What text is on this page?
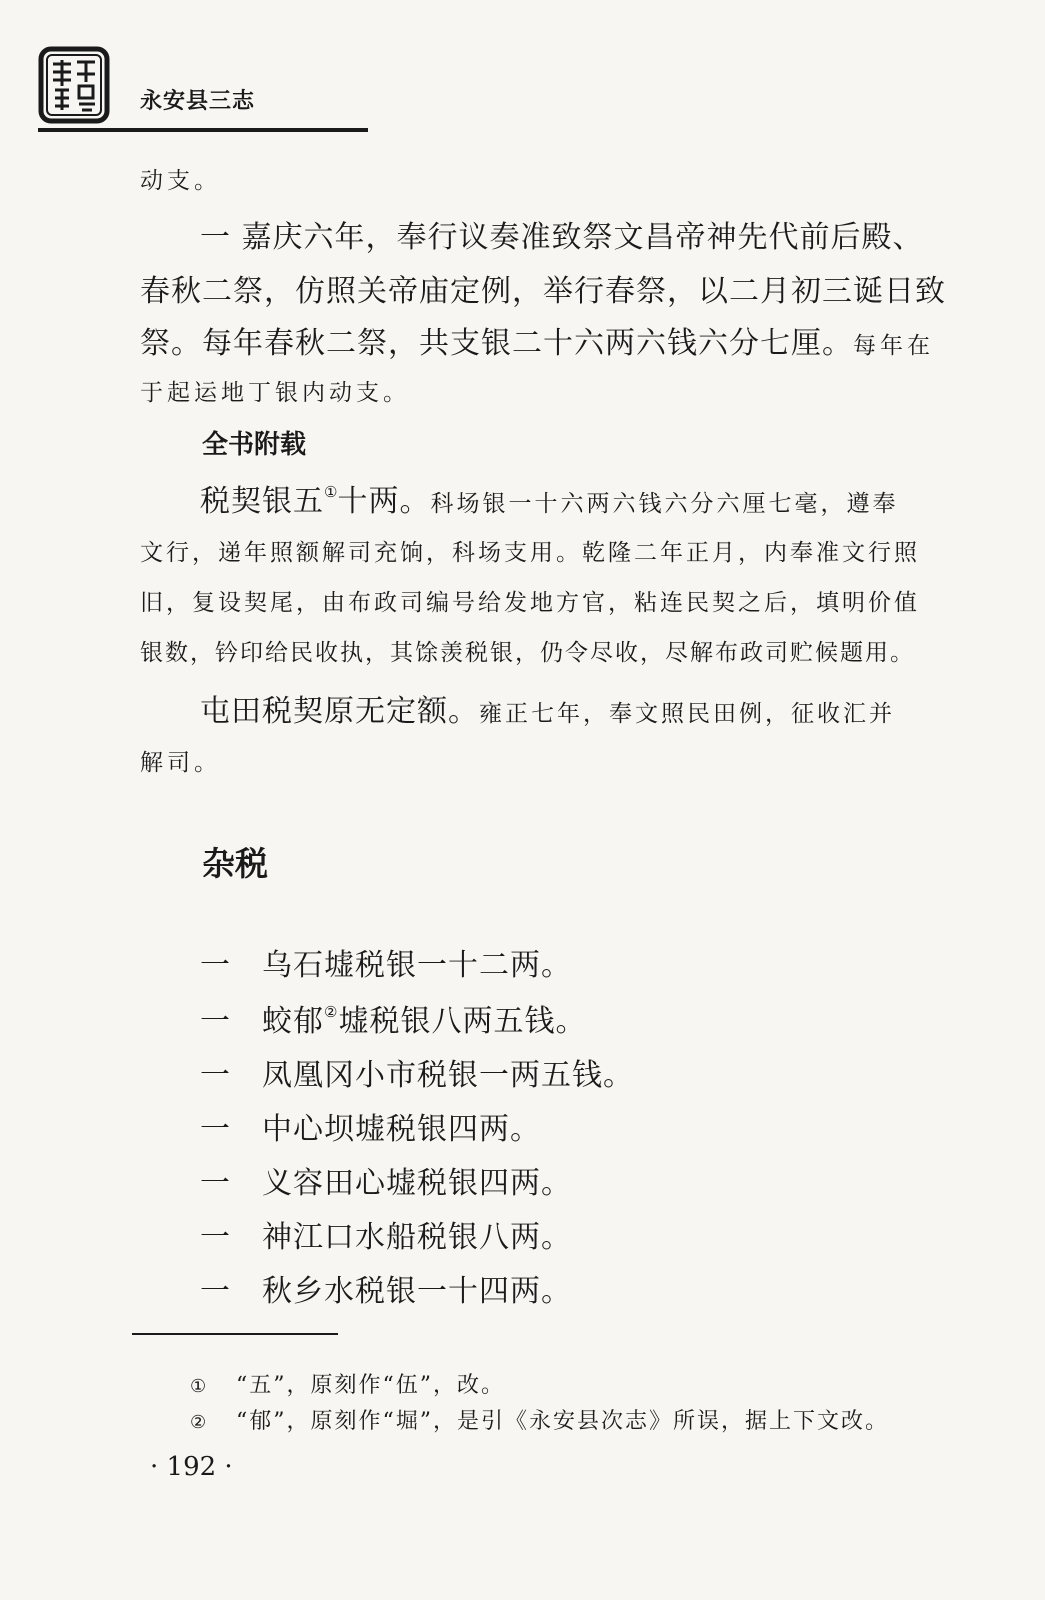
永安县三志
动支。
一 嘉庆六年，奉行议奏准致祭文昌帝神先代前后殿、
春秋二祭，仿照关帝庙定例，举行春祭，以二月初三诞日致
祭。每年春秋二祭，共支银二十六两六钱六分七厘。每年在
于起运地丁银内动支。
全书附载
税契银五①十两。科场银一十六两六钱六分六厘七毫，遵奉
文行，递年照额解司充饷，科场支用。乾隆二年正月，内奉准文行照
旧，复设契尾，由布政司编号给发地方官，粘连民契之后，填明价值
银数，钤印给民收执，其馀羡税银，仍令尽收，尽解布政司贮候题用。
屯田税契原无定额。雍正七年，奉文照民田例，征收汇并
解司。
杂税
一 乌石墟税银一十二两。
一 蛟郁②墟税银八两五钱。
一 凤凰冈小市税银一两五钱。
一 中心坝墟税银四两。
一 义容田心墟税银四两。
一 神江口水船税银八两。
一 秋乡水税银一十四两。
① “五”，原刻作“伍”，改。
② “郁”，原刻作“堀”，是引《永安县次志》所误，据上下文改。
· 192 ·
